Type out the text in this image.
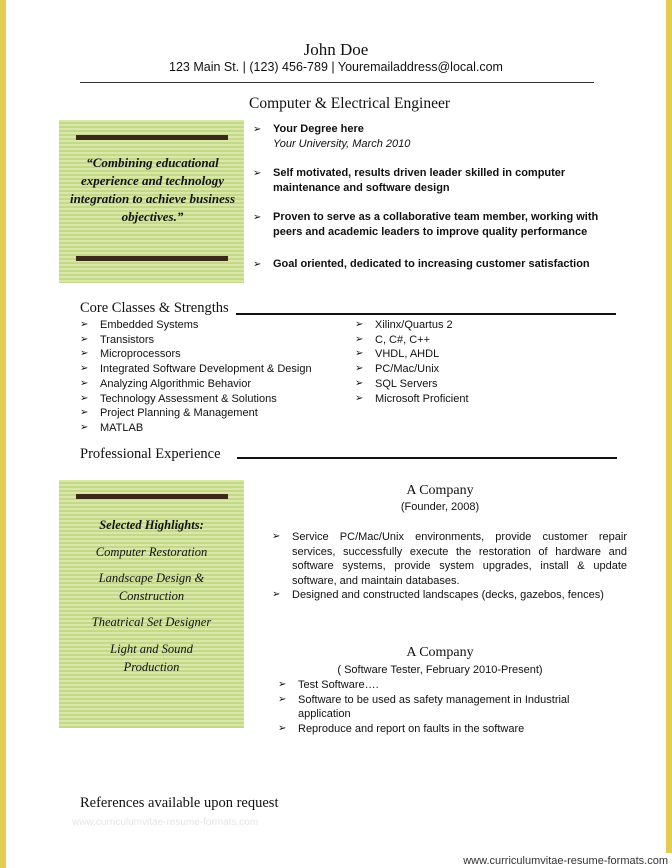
John Doe
123 Main St. | (123) 456-789 | Youremailaddress@local.com
Computer & Electrical Engineer
“Combining educational experience and technology integration to achieve business objectives.”
➢ Your Degree here
Your University, March 2010
➢ Self motivated, results driven leader skilled in computer maintenance and software design
➢ Proven to serve as a collaborative team member, working with peers and academic leaders to improve quality performance
➢ Goal oriented, dedicated to increasing customer satisfaction
Core Classes & Strengths
➢ Embedded Systems
➢ Transistors
➢ Microprocessors
➢ Integrated Software Development & Design
➢ Analyzing Algorithmic Behavior
➢ Technology Assessment & Solutions
➢ Project Planning & Management
➢ MATLAB
➢ Xilinx/Quartus 2
➢ C, C#, C++
➢ VHDL, AHDL
➢ PC/Mac/Unix
➢ SQL Servers
➢ Microsoft Proficient
Professional Experience
Selected Highlights:
Computer Restoration
Landscape Design & Construction
Theatrical Set Designer
Light and Sound Production
A Company
(Founder, 2008)
➢ Service PC/Mac/Unix environments, provide customer repair services, successfully execute the restoration of hardware and software systems, provide system upgrades, install & update software, and maintain databases.
➢ Designed and constructed landscapes (decks, gazebos, fences)
A Company
( Software Tester, February 2010-Present)
➢ Test Software….
➢ Software to be used as safety management in Industrial application
➢ Reproduce and report on faults in the software
References available upon request
www.curriculumvitae-resume-formats.com
www.curriculumvitae-resume-formats.com
